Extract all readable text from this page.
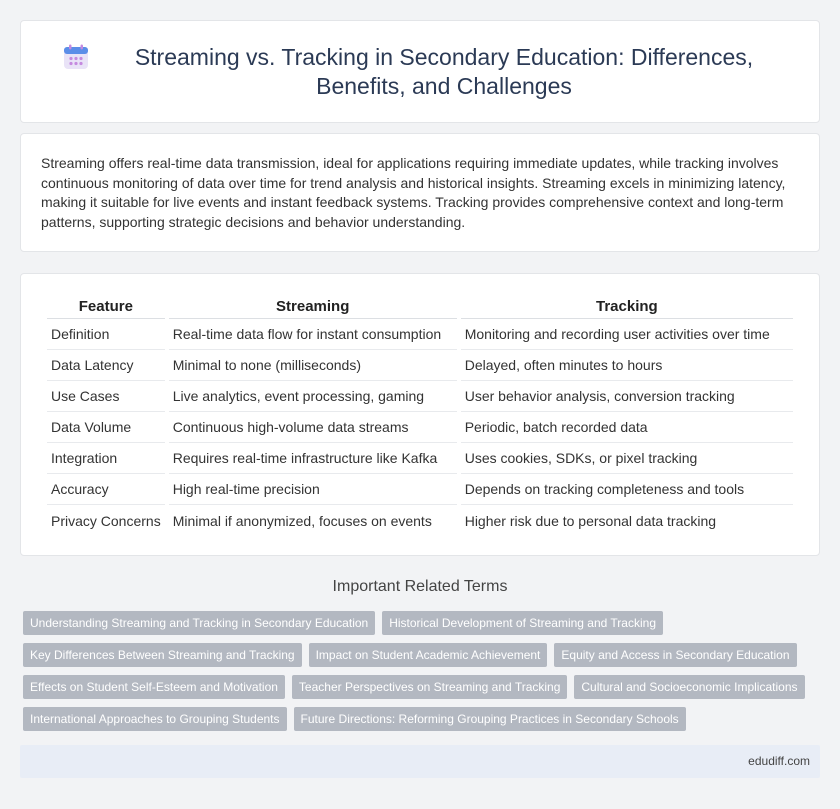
Streaming vs. Tracking in Secondary Education: Differences, Benefits, and Challenges

Streaming offers real-time data transmission, ideal for applications requiring immediate updates, while tracking involves continuous monitoring of data over time for trend analysis and historical insights. Streaming excels in minimizing latency, making it suitable for live events and instant feedback systems. Tracking provides comprehensive context and long-term patterns, supporting strategic decisions and behavior understanding.

Feature	Streaming	Tracking
Definition	Real-time data flow for instant consumption	Monitoring and recording user activities over time
Data Latency	Minimal to none (milliseconds)	Delayed, often minutes to hours
Use Cases	Live analytics, event processing, gaming	User behavior analysis, conversion tracking
Data Volume	Continuous high-volume data streams	Periodic, batch recorded data
Integration	Requires real-time infrastructure like Kafka	Uses cookies, SDKs, or pixel tracking
Accuracy	High real-time precision	Depends on tracking completeness and tools
Privacy Concerns	Minimal if anonymized, focuses on events	Higher risk due to personal data tracking
Important Related Terms
Understanding Streaming and Tracking in Secondary Education	Historical Development of Streaming and Tracking
Key Differences Between Streaming and Tracking	Impact on Student Academic Achievement	Equity and Access in Secondary Education
Effects on Student Self-Esteem and Motivation	Teacher Perspectives on Streaming and Tracking	Cultural and Socioeconomic Implications
International Approaches to Grouping Students	Future Directions: Reforming Grouping Practices in Secondary Schools
edudiff.com
